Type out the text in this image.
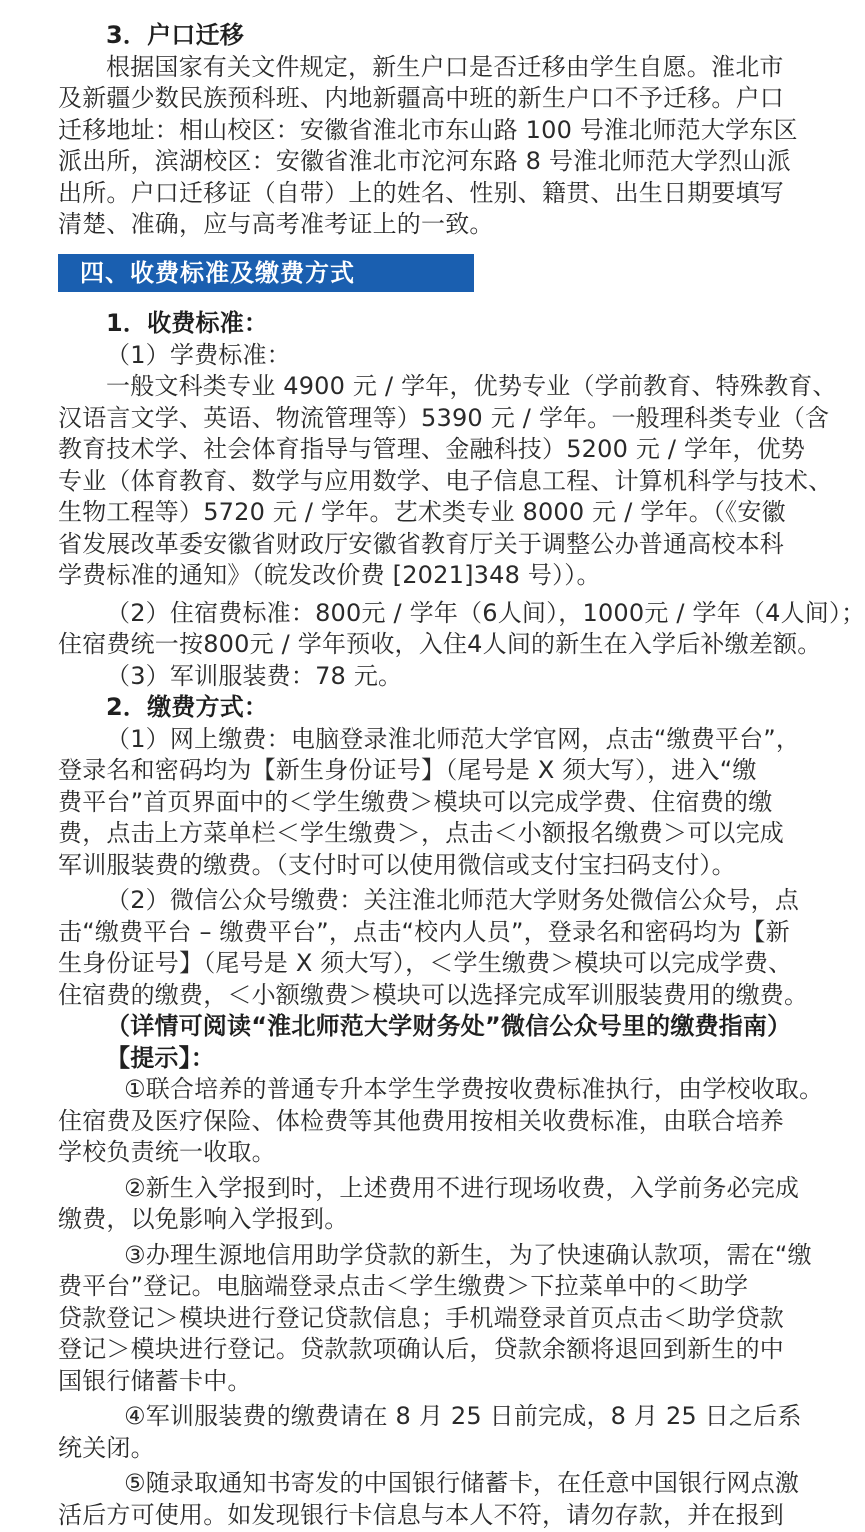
3．户口迁移
根据国家有关文件规定，新生户口是否迁移由学生自愿。淮北市
及新疆少数民族预科班、内地新疆高中班的新生户口不予迁移。户口
迁移地址：相山校区：安徽省淮北市东山路 100 号淮北师范大学东区
派出所，滨湖校区：安徽省淮北市沱河东路 8 号淮北师范大学烈山派
出所。户口迁移证（自带）上的姓名、性别、籍贯、出生日期要填写
清楚、准确，应与高考准考证上的一致。
四、收费标准及缴费方式
1．收费标准：
（1）学费标准：
一般文科类专业 4900 元 / 学年，优势专业（学前教育、特殊教育、
汉语言文学、英语、物流管理等）5390 元 / 学年。一般理科类专业（含
教育技术学、社会体育指导与管理、金融科技）5200 元 / 学年，优势
专业（体育教育、数学与应用数学、电子信息工程、计算机科学与技术、
生物工程等）5720 元 / 学年。艺术类专业 8000 元 / 学年。（《安徽
省发展改革委安徽省财政厅安徽省教育厅关于调整公办普通高校本科
学费标准的通知》（皖发改价费 [2021]348 号））。
（2）住宿费标准：800元 / 学年（6人间），1000元 / 学年（4人间）；
住宿费统一按800元 / 学年预收，入住4人间的新生在入学后补缴差额。
（3）军训服装费：78 元。
2．缴费方式：
（1）网上缴费：电脑登录淮北师范大学官网，点击“缴费平台”，
登录名和密码均为【新生身份证号】（尾号是 X 须大写），进入“缴
费平台”首页界面中的＜学生缴费＞模块可以完成学费、住宿费的缴
费，点击上方菜单栏＜学生缴费＞，点击＜小额报名缴费＞可以完成
军训服装费的缴费。（支付时可以使用微信或支付宝扫码支付）。
（2）微信公众号缴费：关注淮北师范大学财务处微信公众号，点
击“缴费平台 – 缴费平台”，点击“校内人员”，登录名和密码均为【新
生身份证号】（尾号是 X 须大写），＜学生缴费＞模块可以完成学费、
住宿费的缴费，＜小额缴费＞模块可以选择完成军训服装费用的缴费。
（详情可阅读“淮北师范大学财务处”微信公众号里的缴费指南）
【提示】：
①联合培养的普通专升本学生学费按收费标准执行，由学校收取。
住宿费及医疗保险、体检费等其他费用按相关收费标准，由联合培养
学校负责统一收取。
②新生入学报到时，上述费用不进行现场收费，入学前务必完成
缴费，以免影响入学报到。
③办理生源地信用助学贷款的新生，为了快速确认款项，需在“缴
费平台”登记。电脑端登录点击＜学生缴费＞下拉菜单中的＜助学
贷款登记＞模块进行登记贷款信息；手机端登录首页点击＜助学贷款
登记＞模块进行登记。贷款款项确认后，贷款余额将退回到新生的中
国银行储蓄卡中。
④军训服装费的缴费请在 8 月 25 日前完成，8 月 25 日之后系
统关闭。
⑤随录取通知书寄发的中国银行储蓄卡，在任意中国银行网点激
活后方可使用。如发现银行卡信息与本人不符，请勿存款，并在报到
